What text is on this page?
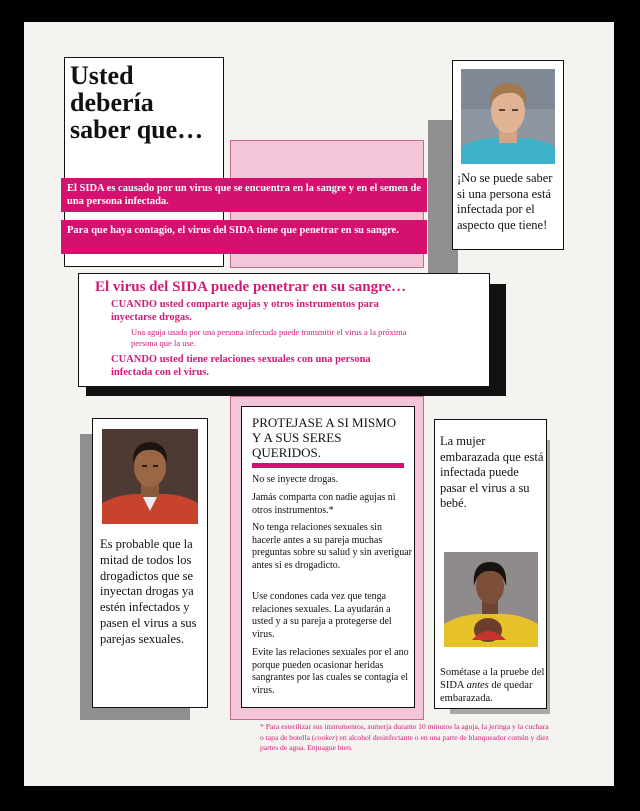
Usted debería saber que…
El SIDA es causado por un virus que se encuentra en la sangre y en el semen de una persona infectada.
Para que haya contagio, el virus del SIDA tiene que penetrar en su sangre.
¡No se puede saber si una persona está infectada por el aspecto que tiene!
El virus del SIDA puede penetrar en su sangre…
CUANDO usted comparte agujas y otros instrumentos para inyectarse drogas.
Una aguja usada por una persona infectada puede transmitir el virus a la próxima persona que la use.
CUANDO usted tiene relaciones sexuales con una persona infectada con el virus.
Es probable que la mitad de todos los drogadictos que se inyectan drogas ya estén infectados y pasen el virus a sus parejas sexuales.
PROTEJASE A SI MISMO Y A SUS SERES QUERIDOS.
No se inyecte drogas.
Jamás comparta con nadie agujas ni otros instrumentos.*
No tenga relaciones sexuales sin hacerle antes a su pareja muchas preguntas sobre su salud y sin averiguar antes si es drogadicto.
Use condones cada vez que tenga relaciones sexuales. La ayudarán a usted y a su pareja a protegerse del virus.
Evite las relaciones sexuales por el ano porque pueden ocasionar heridas sangrantes por las cuales se contagia el virus.
La mujer embarazada que está infectada puede pasar el virus a su bebé.
Sométase a la pruebe del SIDA antes de quedar embarazada.
* Para esterilizar sus instrumentos, sumerja durante 10 minutos la aguja, la jeringa y la cuchara o tapa de botella (cooker) en alcohol desinfectante o en una parte de blanqueador común y diez partes de agua. Enjuague bien.
